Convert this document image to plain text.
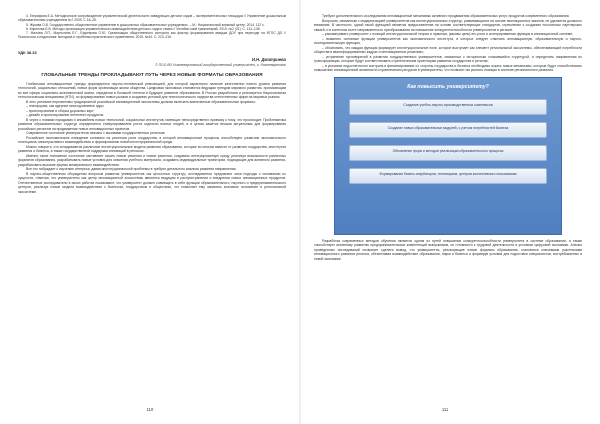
4. Евграфова Е.А. Методическое сопровождение управленческой деятельности заведующих детских садов – экспериментальных площадок // Управление дошкольным образовательным учреждением №7 2009. С.18–26.

5. Жукова О.В. Государственно-общественное управление в дошкольных образовательных учреждениях. – М.: Национальный книжный центр, 2014. 112 с.

6. Кирилова Е.В. Методы организации управленческого взаимодействия детского сада и семьи // Челябин-ский гуманитарий, 2015. №2 (31). С. 131–136.

7. Малова Л.П., Мартыгина Е.Г., Ефремова О.Ю. Организация общественного контроля как фактор формирования имиджа ДОУ при переходе на ФГОС ДО // Психология и педагогика: методика и проблемы практического применения. 2015. №44. С. 213–216.

УДК 38.33

И.Н. Дмитриева

© ПОО ВО Нижневартовский государственный университет, г. Нижневартовск

ГЛОБАЛЬНЫЕ ТРЕНДЫ ПРОКЛАДЫВАЮТ ПУТЬ ЧЕРЕЗ НОВЫЕ ФОРМАТЫ ОБРАЗОВАНИЯ

Глобальные инновационные тренды формируются научно-технической революцией, для которой характерно наличие качественно нового уровня развития технологий, социальных отношений, новых форм организации жизни общества. Цифровая экономика становится ведущим трендом мирового развития, проникающим во все сферы социально-экономической жизни, определяя в большей степени и будущее развитие образования. В России разработана и реализуется Национальная технологическая инициатива (НТИ), по формированию новых рынков и созданию условий для технологического лидерства отечественных фирм на мировых рынках.

В этих условиях перспективы традиционной российской инновационной экосистемы должны включать вовлеченные образовательные форматы:

– платформы, как ядерное многоуровневое ядро;

– проектирование и сборка дорожных карт;

– дизайн и проектирование интеллект-продуктов.

В через с новыми порядками и ансамблем новых технологий, социальных институтов, имеющих непосредственно привязку к тому, что происходит. Проблематика развития образовательных структур определяется стимулированием роста отдельно взятых людей, а в целом кажется весьма актуальным для формирования российских регионов на продвижение новых инновационных проектов.

Современное состояние университетов связано с вызовами государственных регионов.

Российское экономическое поведение основано на усилении роли государства, в которой инновационные процессы способствуют развитию экономического потенциала, межотраслевого взаимодействия и формированию новой институциональной среды.

Можно говорить, что складываются различные институциональные модели развития образования, которые во многом зависят от развития государства, институтов развития и бизнеса, а также государственной поддержки инноваций в регионах.

Именно такое положение состояние заставляет искать новые решения и новые решения, создавать интегрированную среду, реализуя возможности различных форматов образования, разрабатывать новые условия для освоения учебного материала, создавать индивидуальные траектории, подходящие для активного развития, разрабатывать высокие формы межвузовского взаимодействия.

Все это побуждает к изучению интереса, давая институциональной проблемы в требуют детального анализа развития направления.

В научно-общественном обсуждении вопросов развития университетов как целостных структур, исследователи предлагают свои подходы к пониманию их сущности, отмечая, что университеты как центр инновационной экосистемы являются ведущим в распространении и внедрении новых инновационных продуктов. Отечественные исследователи в своих работах показывают, что университет должен совмещать в себе функции образовательного, научного и предпринимательского центров, реализуя новые модели взаимодействия с бизнесом, государством и обществом, что позволяет ему занимать значимое положение в региональной экосистеме.

110

Требуют дополнительного исследования инновационные механизмы активного продвижения образовательных услуг, продуктов современного образования.

Вопросом, связанным с модернизацией университетов как институциональных структур, развивающихся на основе эволюционных законов, не уделяется должного внимания. В частности, одной такой функцией является предоставление на основе соответствующих стандартов, стремление к созданию постоянных партнерских связей, и в конечном счете направленность преобразования на повышение конкурентоспособности университетов в регионе.

– рассматривать университет с позиций институциональной теории и практики, (каковы цели) его роли и интегрированная функция в инновационной системе;

– выявлять основные функции университетов как экономического института, в которых следует отмечать инновационную, образовательную и научно-исследовательскую функции;

– обосновать, что каждая функция формирует институциональное поле, которое выступает как элемент региональной экосистемы, обеспечивающей потребности общества в квалифицированных кадрах и инновационных решениях;

– устранение противоречий в развитии государственных университетов, связанных с исторически сложившейся структурой, и определить направления их трансформации, которые будут соответствовать стратегическим ориентирам развития государства и региона;

– в условиях недостаточного контроля в финансировании со стороны государства и бизнеса необходимо искать новые механизмы, которые будут способствовать повышению инновационной активности и привлечению ресурсов в университеты, что позволит им усилить позиции в системе регионального развития.

Как повысить университету?
Создание учебно-научно-производственных комплексов
Создание новых образовательных модулей, с учетом потребностей бизнеса
Обновление форм и методов реализации образовательного процесса
Формирование бизнес-инкубаторов, технопарков, центров коллективного пользования

Разработка современных методов обучения является одним из путей повышения конкурентоспособности университета в системе образования, а также способствует активному развитию предпринимательских компетенций выпускников, их готовности к трудовой деятельности в условиях цифровой экономики. Анализ проведенных исследований позволяет сделать вывод, что университеты, реализующие новые форматы образования, становятся ключевыми участниками инновационного развития региона, обеспечивая взаимодействие образования, науки и бизнеса и формируя условия для подготовки специалистов, востребованных в новой экономике.

111
